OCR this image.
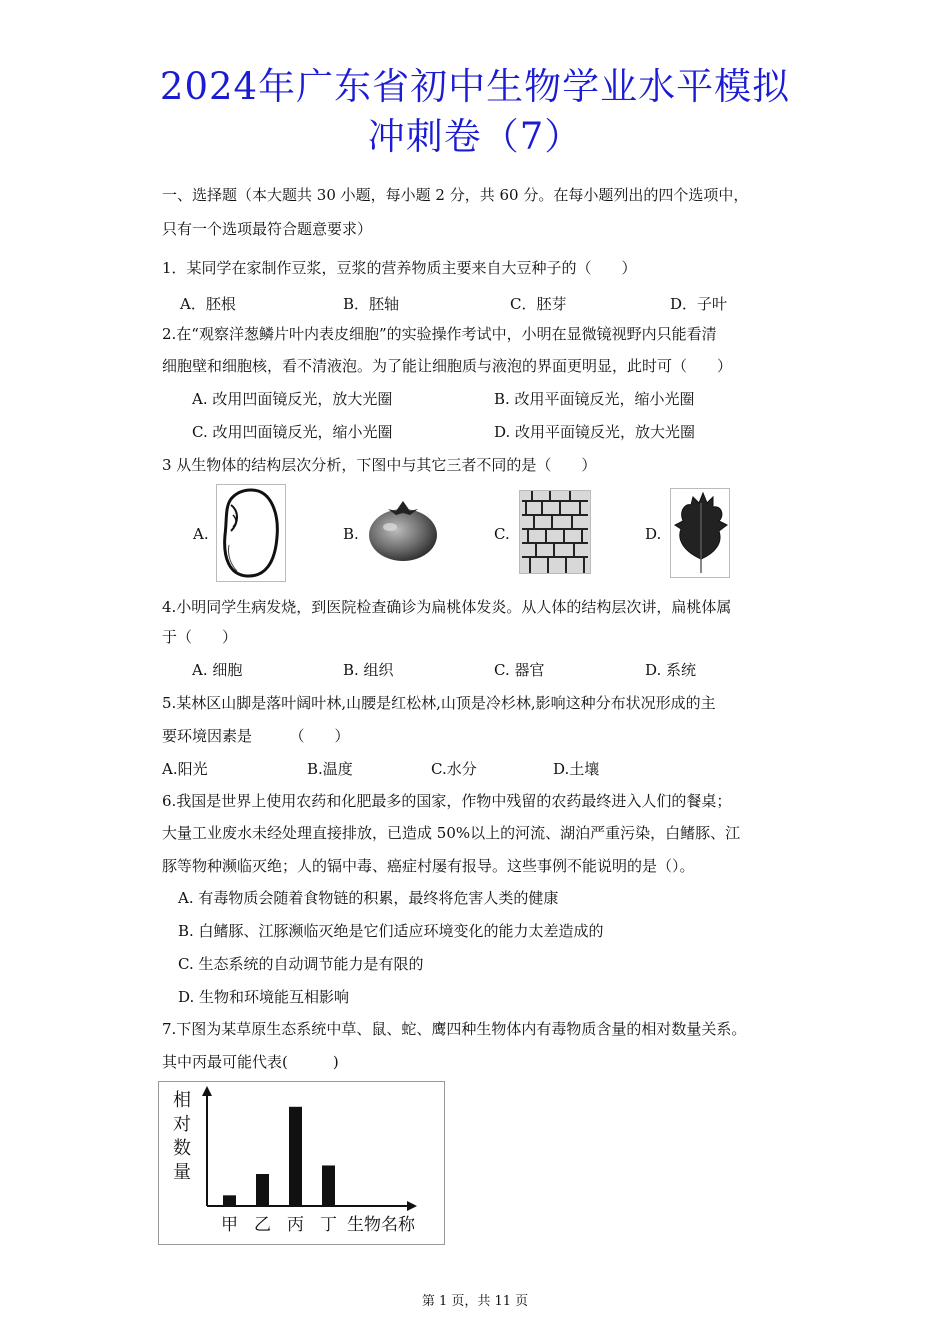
2024年广东省初中生物学业水平模拟
冲刺卷（7）
一、选择题（本大题共 30 小题，每小题 2 分，共 60 分。在每小题列出的四个选项中，
只有一个选项最符合题意要求）
1．某同学在家制作豆浆，豆浆的营养物质主要来自大豆种子的（　　）
A．胚根	B．胚轴	C．胚芽	D．子叶
2.在“观察洋葱鳞片叶内表皮细胞”的实验操作考试中，小明在显微镜视野内只能看清
细胞壁和细胞核，看不清液泡。为了能让细胞质与液泡的界面更明显，此时可（　　）
A. 改用凹面镜反光，放大光圈	B. 改用平面镜反光，缩小光圈
C. 改用凹面镜反光，缩小光圈	D. 改用平面镜反光，放大光圈
3 从生物体的结构层次分析，下图中与其它三者不同的是（　　）
A.	B.	C.	D.
4.小明同学生病发烧，到医院检查确诊为扁桃体发炎。从人体的结构层次讲，扁桃体属
于（　　）
A. 细胞	B. 组织	C. 器官	D. 系统
5.某林区山脚是落叶阔叶林,山腰是红松林,山顶是冷杉林,影响这种分布状况形成的主
要环境因素是　　　（　　）
A.阳光	B.温度	C.水分	D.土壤
6.我国是世界上使用农药和化肥最多的国家，作物中残留的农药最终进入人们的餐桌；
大量工业废水未经处理直接排放，已造成 50%以上的河流、湖泊严重污染，白鳍豚、江
豚等物种濒临灭绝；人的镉中毒、癌症村屡有报导。这些事例不能说明的是（）。
A. 有毒物质会随着食物链的积累，最终将危害人类的健康
B. 白鳍豚、江豚濒临灭绝是它们适应环境变化的能力太差造成的
C. 生态系统的自动调节能力是有限的
D. 生物和环境能互相影响
7.下图为某草原生态系统中草、鼠、蛇、鹰四种生物体内有毒物质含量的相对数量关系。
其中丙最可能代表(　　　)
相对数量
甲 乙 丙 丁 生物名称
第 1 页，共 11 页
